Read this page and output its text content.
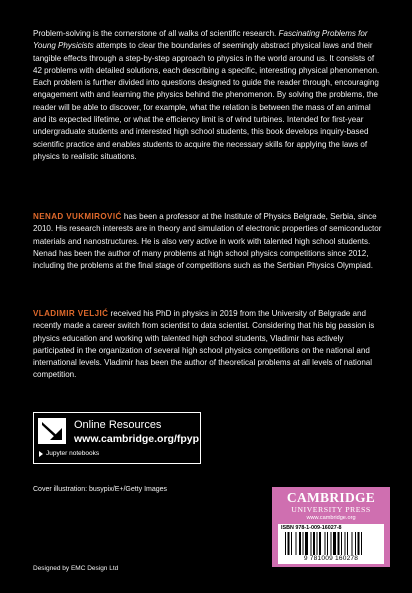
Problem-solving is the cornerstone of all walks of scientific research. Fascinating Problems for Young Physicists attempts to clear the boundaries of seemingly abstract physical laws and their tangible effects through a step-by-step approach to physics in the world around us. It consists of 42 problems with detailed solutions, each describing a specific, interesting physical phenomenon. Each problem is further divided into questions designed to guide the reader through, encouraging engagement with and learning the physics behind the phenomenon. By solving the problems, the reader will be able to discover, for example, what the relation is between the mass of an animal and its expected lifetime, or what the efficiency limit is of wind turbines. Intended for first-year undergraduate students and interested high school students, this book develops inquiry-based scientific practice and enables students to acquire the necessary skills for applying the laws of physics to realistic situations.

NENAD VUKMIROVIĆ has been a professor at the Institute of Physics Belgrade, Serbia, since 2010. His research interests are in theory and simulation of electronic properties of semiconductor materials and nanostructures. He is also very active in work with talented high school students. Nenad has been the author of many problems at high school physics competitions since 2012, including the problems at the final stage of competitions such as the Serbian Physics Olympiad.

VLADIMIR VELJIĆ received his PhD in physics in 2019 from the University of Belgrade and recently made a career switch from scientist to data scientist. Considering that his big passion is physics education and working with talented high school students, Vladimir has actively participated in the organization of several high school physics competitions on the national and international levels. Vladimir has been the author of theoretical problems at all levels of national competition.

Online Resources
www.cambridge.org/fpyp
Jupyter notebooks
Cover illustration: busypix/E+/Getty Images
Designed by EMC Design Ltd
CAMBRIDGE
UNIVERSITY PRESS
www.cambridge.org
ISBN 978-1-009-16027-8
9 781009 160278
